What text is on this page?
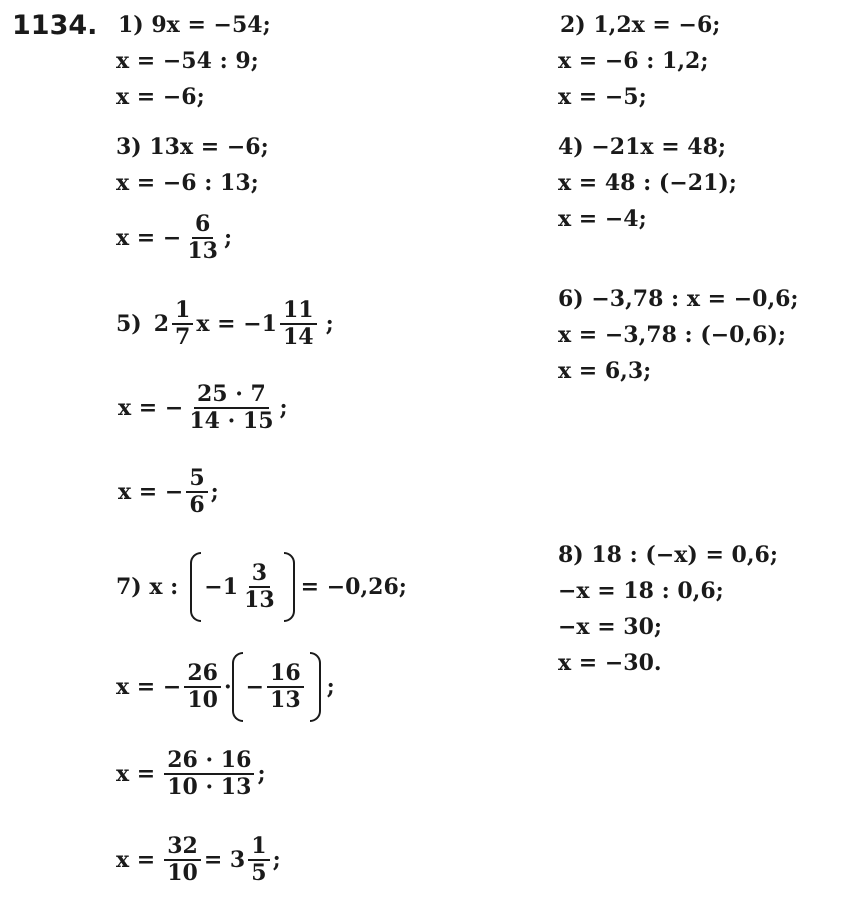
1134. 1) 9x = −54;
x = −54 : 9;
x = −6;
2) 1,2x = −6;
x = −6 : 1,2;
x = −5;
3) 13x = −6;
x = −6 : 13;
x = − $\frac{6}{13}$ ;
4) −21x = 48;
x = 48 : (−21);
x = −4;
5) $2 \frac{1}{7}$ $x = -1 \frac{11}{14}$ ;
x = − $\frac{25 \cdot 7}{14 \cdot 15}$ ;
x = − $\frac{5}{6}$ ;
6) −3,78 : x = −0,6;
x = −3,78 : (−0,6);
x = 6,3;
7) x : $-1 \frac{3}{13} = -0,26$;
x = − $\frac{26}{10}$ · − $\frac{16}{13}$ ;
$x = \frac{26 \cdot 16}{10 \cdot 13}$ ;
$x = \frac{32}{10} = 3 \frac{1}{5}$ ;
8) 18 : (−x) = 0,6;
−x = 18 : 0,6;
−x = 30;
x = −30.
